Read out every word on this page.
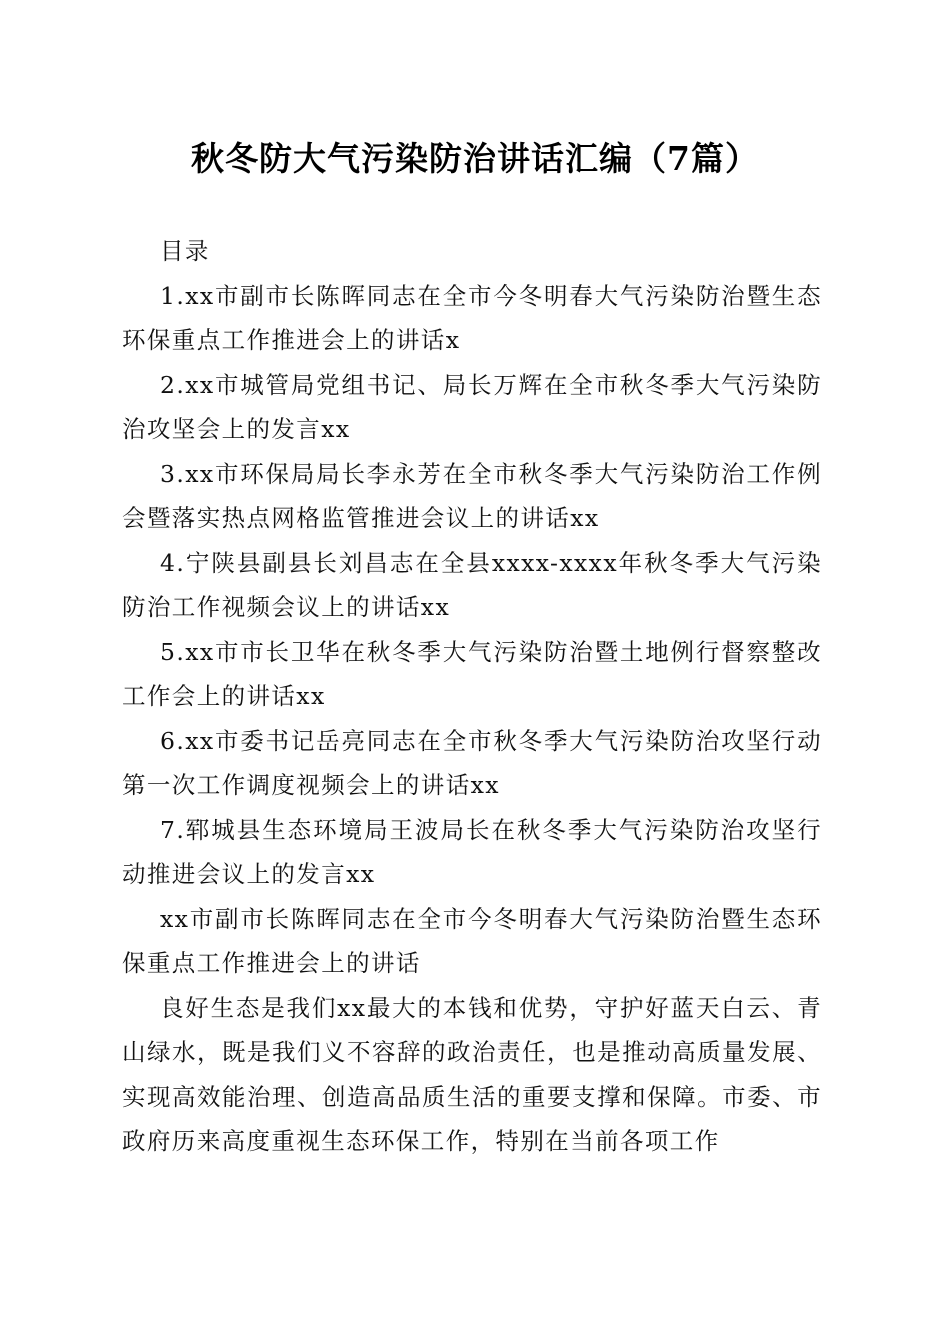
秋冬防大气污染防治讲话汇编（7篇）

目录

1.xx市副市长陈晖同志在全市今冬明春大气污染防治暨生态环保重点工作推进会上的讲话x

2.xx市城管局党组书记、局长万辉在全市秋冬季大气污染防治攻坚会上的发言xx

3.xx市环保局局长李永芳在全市秋冬季大气污染防治工作例会暨落实热点网格监管推进会议上的讲话xx

4.宁陕县副县长刘昌志在全县xxxx-xxxx年秋冬季大气污染防治工作视频会议上的讲话xx

5.xx市市长卫华在秋冬季大气污染防治暨土地例行督察整改工作会上的讲话xx

6.xx市委书记岳亮同志在全市秋冬季大气污染防治攻坚行动第一次工作调度视频会上的讲话xx

7.郓城县生态环境局王波局长在秋冬季大气污染防治攻坚行动推进会议上的发言xx

xx市副市长陈晖同志在全市今冬明春大气污染防治暨生态环保重点工作推进会上的讲话

良好生态是我们xx最大的本钱和优势，守护好蓝天白云、青山绿水，既是我们义不容辞的政治责任，也是推动高质量发展、实现高效能治理、创造高品质生活的重要支撑和保障。市委、市政府历来高度重视生态环保工作，特别在当前各项工作
